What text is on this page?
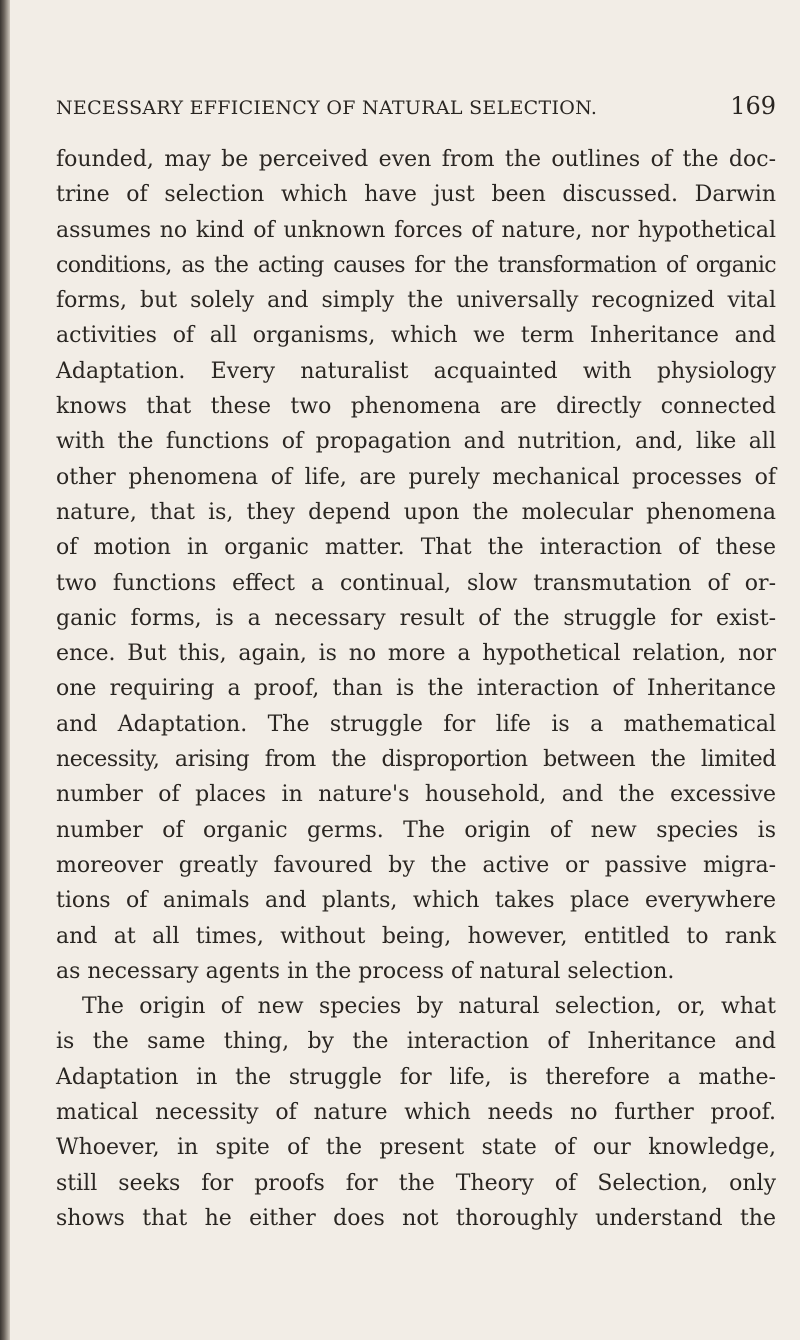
NECESSARY EFFICIENCY OF NATURAL SELECTION.	169
founded, may be perceived even from the outlines of the doc-
trine of selection which have just been discussed. Darwin
assumes no kind of unknown forces of nature, nor hypothetical
conditions, as the acting causes for the transformation of organic
forms, but solely and simply the universally recognized vital
activities of all organisms, which we term Inheritance and
Adaptation. Every naturalist acquainted with physiology
knows that these two phenomena are directly connected
with the functions of propagation and nutrition, and, like all
other phenomena of life, are purely mechanical processes of
nature, that is, they depend upon the molecular phenomena
of motion in organic matter. That the interaction of these
two functions effect a continual, slow transmutation of or-
ganic forms, is a necessary result of the struggle for exist-
ence. But this, again, is no more a hypothetical relation, nor
one requiring a proof, than is the interaction of Inheritance
and Adaptation. The struggle for life is a mathematical
necessity, arising from the disproportion between the limited
number of places in nature's household, and the excessive
number of organic germs. The origin of new species is
moreover greatly favoured by the active or passive migra-
tions of animals and plants, which takes place everywhere
and at all times, without being, however, entitled to rank
as necessary agents in the process of natural selection.
The origin of new species by natural selection, or, what
is the same thing, by the interaction of Inheritance and
Adaptation in the struggle for life, is therefore a mathe-
matical necessity of nature which needs no further proof.
Whoever, in spite of the present state of our knowledge,
still seeks for proofs for the Theory of Selection, only
shows that he either does not thoroughly understand the
